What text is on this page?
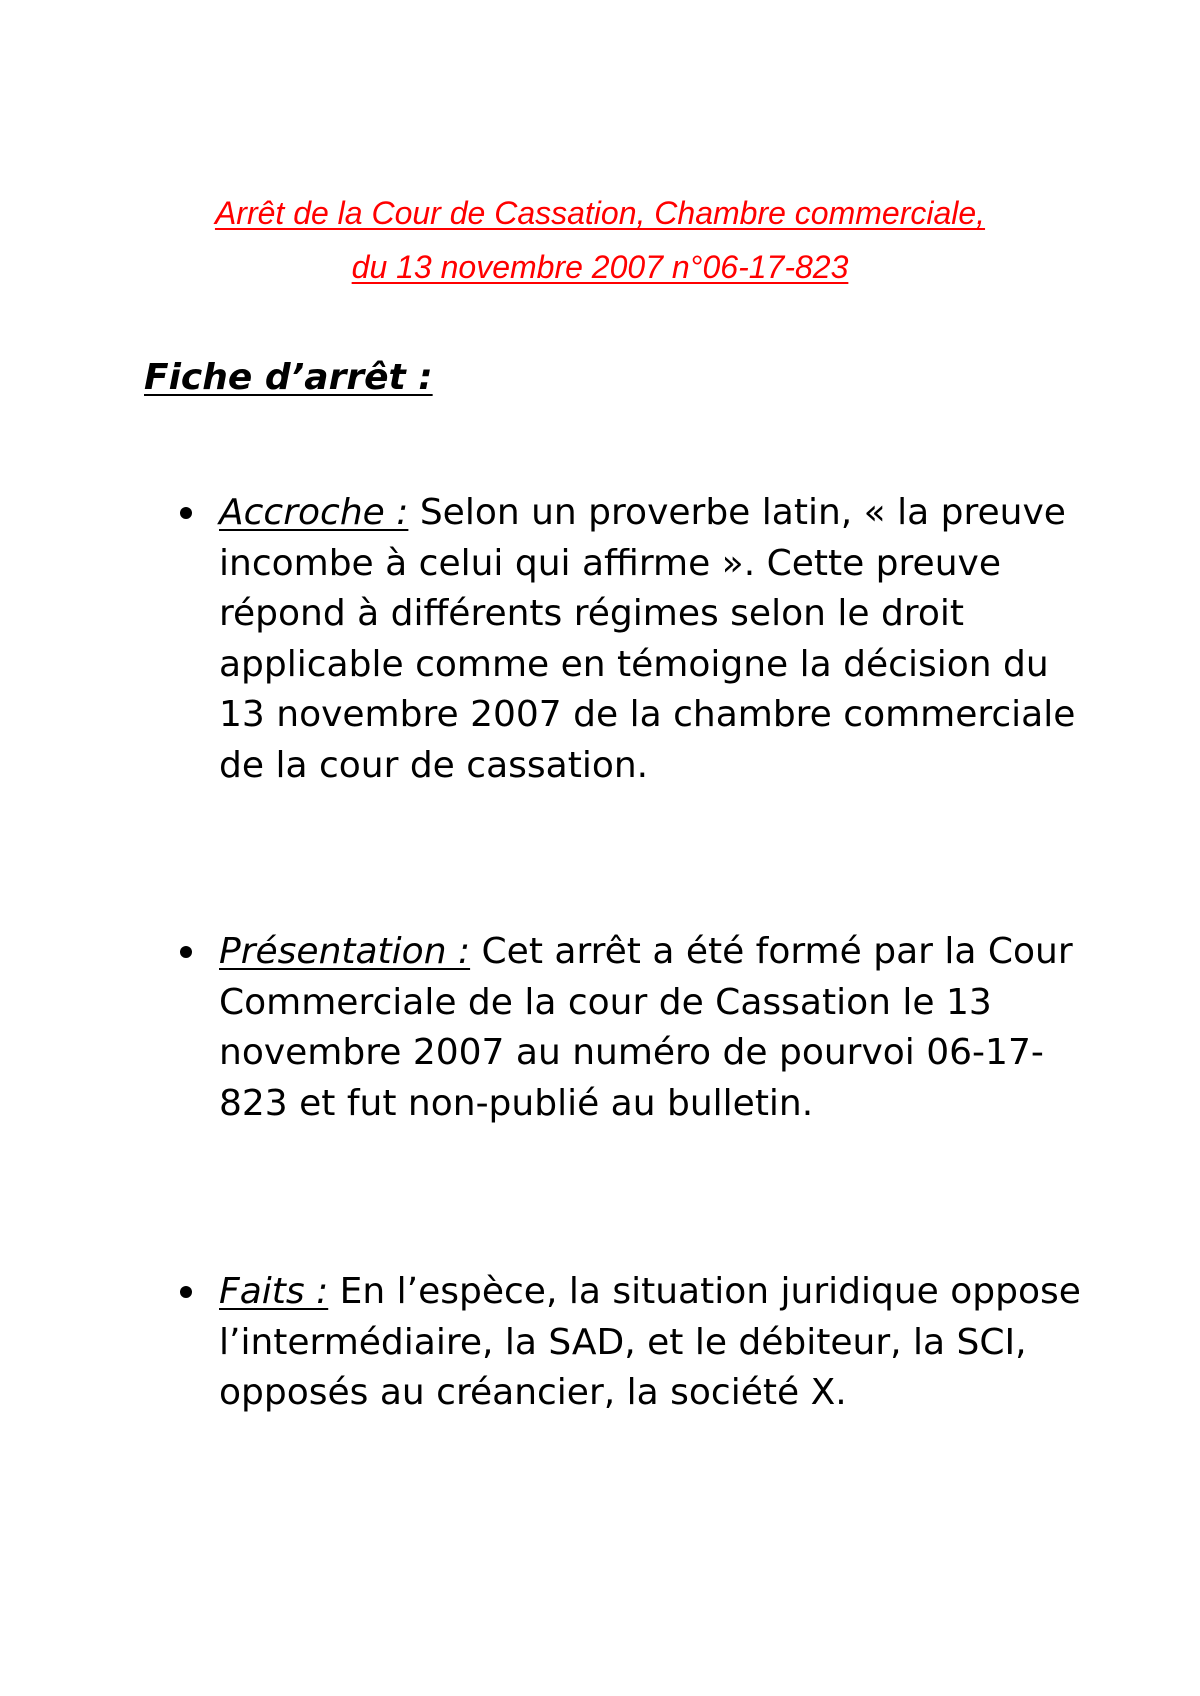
Arrêt de la Cour de Cassation, Chambre commerciale,
du 13 novembre 2007 n°06-17-823
Fiche d’arrêt :
Accroche : Selon un proverbe latin, « la preuve incombe à celui qui affirme ». Cette preuve répond à différents régimes selon le droit applicable comme en témoigne la décision du 13 novembre 2007 de la chambre commerciale de la cour de cassation.
Présentation : Cet arrêt a été formé par la Cour Commerciale de la cour de Cassation le 13 novembre 2007 au numéro de pourvoi 06-17-823 et fut non-publié au bulletin.
Faits : En l’espèce, la situation juridique oppose l’intermédiaire, la SAD, et le débiteur, la SCI, opposés au créancier, la société X.
